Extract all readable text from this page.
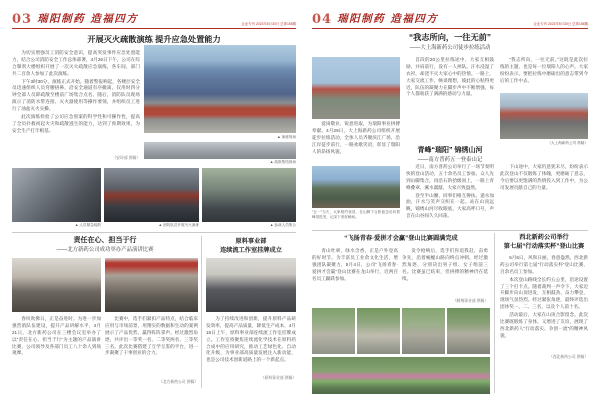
03 瑞阳制药 造福四方	企业专刊 2023年5月30日 总第158期
开展灭火疏散演练 提升应急处置能力

为切实增强员工消防安全意识，提高突发事件应急处置能力，结合公司消防安全工作总体部署，4月26日下午，公司在综合制剂大楼组织开展了一次灭火疏散应急演练，各车间、部门共二百余人参加了此次演练。

下午3时30分，演练正式开始。随着警报响起，各楼层安全员迅速组织人员弯腰捂鼻、沿安全通道有序撤离，仅用时四分钟全部人员即疏散至楼前广场集合点名。随后，消防队员现场演示了消防水带连接、灭火器使用等操作要领，并组织员工进行了油盆灭火实操。

此次演练检验了公司应急预案的科学性和可操作性，提高了全员扑救初起火灾和疏散逃生的能力，达到了预期效果，为安全生产打牢根基。

（安环部 供稿）
▲ 演练现场
▲ 疏散集结现场
▲ 人员紧急疏散	▲ 消防队员开展灭火演练	▲ 参演人员集合
责任在心、担当于行
——北方新药公司成功举办产品演讲比赛

春风吹拂日，正是奋进时。为进一步加强营销队伍建设，提升产品讲解水平，4月21日，北方新药公司在三楼会议室举办了以“责任在心、担当于行”为主题的产品演讲比赛，公司领导及各部门员工八十余人到场观摩。

比赛中，选手们紧扣产品特点，结合临床应用与市场前景，用翔实的数据和生动的案例展示了产品优势，赢得阵阵掌声。经过激烈角逐，共评出一等奖一名、二等奖两名、三等奖三名。此次比赛搭建了互学互鉴的平台，进一步凝聚了干事创业的合力。

（北方新药公司 供稿）
原料事业部
连续流工作室挂牌成立

为了持续改进和创新，提升原料产品研发效率，提高产品质量，降低生产成本，4月18日上午，原料事业部连续流工作室挂牌成立。工作室将聚焦连续流化学技术在原料药合成中的应用研究，推动工艺绿色化、自动化升级，为事业部高质量发展注入新动能，也是公司技术创新道路上的一个新起点。

（原料事业部 供稿）
04 瑞阳制药 造福四方	企业专刊 2023年5月30日 总第158期
“我志所向，一往无前”
——大上海新药公司徒步拉练活动

爱岗敬业、锐意进取，为瑞阳事业拼搏奉献。4月29日，大上海新药公司组织开展徒步拉练活动，全体人员齐聚滨江广场，沿江岸徒步前行，一路欢歌笑语，彰显了瑞阳人的昂扬风貌。

首段的20公里拉练途中，大家互相鼓励、并肩前行，没有一人掉队。汗水浸湿了衣衫，却浇不灭大家心中的热情。一路上，大家交流工作、畅谈理想，彼此的心贴得更近，队伍的凝聚力在脚步声中不断增强，每个人都收获了满满的感动与力量。

“我志所向，一往无前。”这既是此次拉练的主题，也是每一位瑞阳人的心声。大家纷纷表示，要把拉练中磨砺出的意志带到今后的工作中去。

（大上海新药公司 供稿）
青峰“瑞阳” 锦绣山河
——南方普药五一登泰山记
“五一”当天，大家相约登顶，在山脚下合影留念后向着峰顶进发，记录下美好瞬间。

近日，南方普药公司举行了一场节奏明快的登山活动，五十余名员工参加。众人先到山脚集合，再沿石阶拾级而上，一路上青峰叠翠、溪水潺潺，大家兴致盎然。

登至半山腰，同事们相互搀扶、递水加油，汗水与笑声交织在一起。站在山顶远眺，锦绣山河尽收眼底，大家高呼口号，声音在山谷间久久回荡。

下山途中，大家仍意犹未尽，纷纷表示此次登山不仅锻炼了体魄，更磨砺了意志，今后要以更饱满的热情投入到工作中，为公司发展贡献自己的力量。

“飞扬青春·爱拼才会赢”登山比赛圆满完成

青山吐翠，绿水含香，正是户外登高的好时节。为丰富员工业余文化生活，增强团队凝聚力，5月4日，公司“飞扬青春·爱拼才会赢”登山比赛在龙山举行，近两百名员工踊跃参加。

发令枪响后，选手们你追我赶、奋勇争先，沿着蜿蜒山路向终点冲刺。经过激烈角逐，分别决出男子组、女子组前三名。比赛虽已结束，但拼搏的精神仍在延续。

（制剂事业部 供稿）
西北新药公司举行
第七届“行动落实杯”登山比赛

5月6日，风和日丽，春意盎然。西北新药公司举行第七届“行动落实杯”登山比赛，百余名员工参加。

本次登山路线全长约五公里，沿途设置了三个打卡点。随着裁判一声令下，大家迈开脚步向山顶进发，互相鼓劲、奋力攀登，现场气氛热烈。经过紧张角逐，最终评选出团体奖一、二、三名，以及个人前十名。

活动最后，大家在山顶合影留念。此次比赛既锻炼了身体，又增进了友谊，展现了西北新药人“行动落实、争创一流”的精神风貌。

（西北新药公司 供稿）
